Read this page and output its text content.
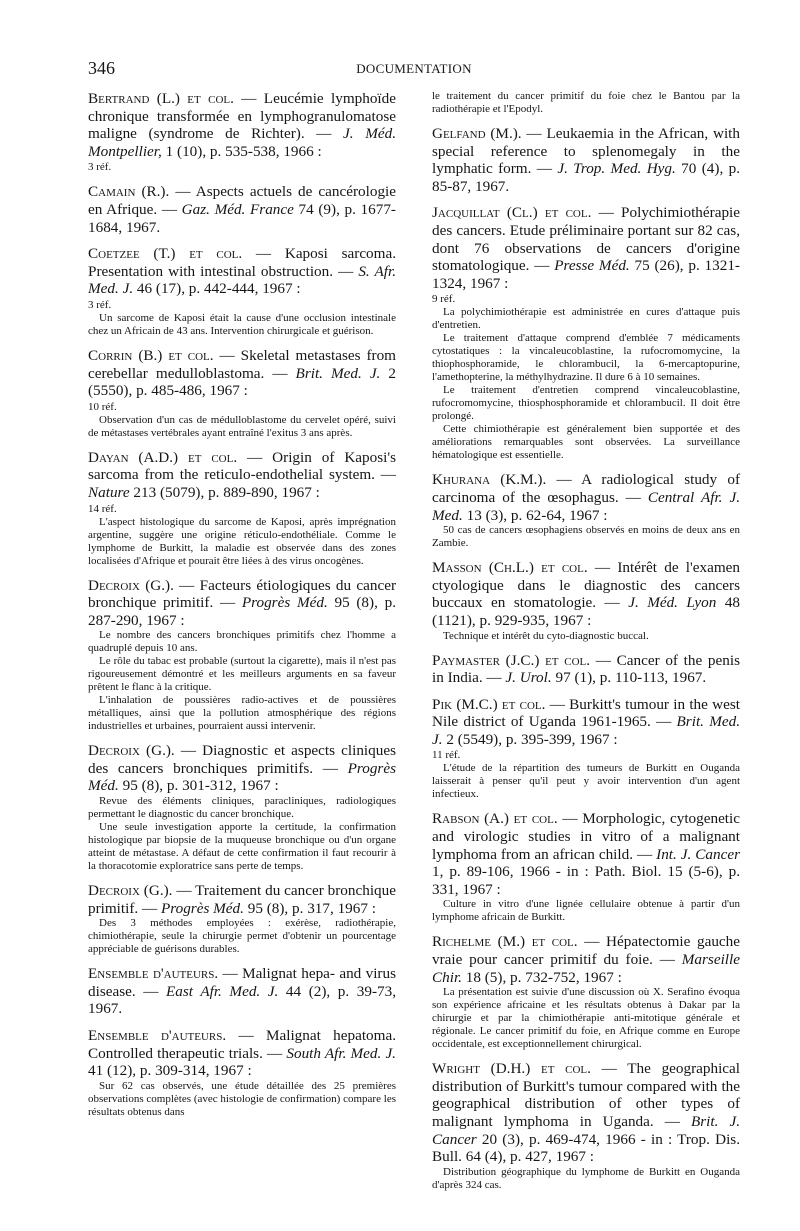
346	DOCUMENTATION
Bertrand (L.) et col. — Leucémie lymphoïde chronique transformée en lymphogranulomatose maligne (syndrome de Richter). — J. Méd. Montpellier, 1 (10), p. 535-538, 1966 :
3 réf.
Camain (R.). — Aspects actuels de cancérologie en Afrique. — Gaz. Méd. France 74 (9), p. 1677-1684, 1967.
Coetzee (T.) et col. — Kaposi sarcoma. Presentation with intestinal obstruction. — S. Afr. Med. J. 46 (17), p. 442-444, 1967 :
3 réf.

Un sarcome de Kaposi était la cause d'une occlusion intestinale chez un Africain de 43 ans. Intervention chirurgicale et guérison.

Corrin (B.) et col. — Skeletal metastases from cerebellar medulloblastoma. — Brit. Med. J. 2 (5550), p. 485-486, 1967 :
10 réf.

Observation d'un cas de médulloblastome du cervelet opéré, suivi de métastases vertébrales ayant entraîné l'exitus 3 ans après.

Dayan (A.D.) et col. — Origin of Kaposi's sarcoma from the reticulo-endothelial system. — Nature 213 (5079), p. 889-890, 1967 :
14 réf.

L'aspect histologique du sarcome de Kaposi, après imprégnation argentine, suggère une origine réticulo-endothéliale. Comme le lymphome de Burkitt, la maladie est observée dans des zones localisées d'Afrique et pourait être liées à des virus oncogènes.

Decroix (G.). — Facteurs étiologiques du cancer bronchique primitif. — Progrès Méd. 95 (8), p. 287-290, 1967 :

Le nombre des cancers bronchiques primitifs chez l'homme a quadruplé depuis 10 ans.

Le rôle du tabac est probable (surtout la cigarette), mais il n'est pas rigoureusement démontré et les meilleurs arguments en sa faveur prêtent le flanc à la critique.

L'inhalation de poussières radio-actives et de poussières métalliques, ainsi que la pollution atmosphérique des régions industrielles et urbaines, pourraient aussi intervenir.

Decroix (G.). — Diagnostic et aspects cliniques des cancers bronchiques primitifs. — Progrès Méd. 95 (8), p. 301-312, 1967 :

Revue des éléments cliniques, paracliniques, radiologiques permettant le diagnostic du cancer bronchique.

Une seule investigation apporte la certitude, la confirmation histologique par biopsie de la muqueuse bronchique ou d'un organe atteint de métastase. A défaut de cette confirmation il faut recourir à la thoracotomie exploratrice sans perte de temps.

Decroix (G.). — Traitement du cancer bronchique primitif. — Progrès Méd. 95 (8), p. 317, 1967 :

Des 3 méthodes employées : exérèse, radiothérapie, chimiothérapie, seule la chirurgie permet d'obtenir un pourcentage appréciable de guérisons durables.

Ensemble d'auteurs. — Malignat hepa- and virus disease. — East Afr. Med. J. 44 (2), p. 39-73, 1967.
Ensemble d'auteurs. — Malignat hepatoma. Controlled therapeutic trials. — South Afr. Med. J. 41 (12), p. 309-314, 1967 :

Sur 62 cas observés, une étude détaillée des 25 premières observations complètes (avec histologie de confirmation) compare les résultats obtenus dans

le traitement du cancer primitif du foie chez le Bantou par la radiothérapie et l'Epodyl.

Gelfand (M.). — Leukaemia in the African, with special reference to splenomegaly in the lymphatic form. — J. Trop. Med. Hyg. 70 (4), p. 85-87, 1967.
Jacquillat (Cl.) et col. — Polychimiothérapie des cancers. Etude préliminaire portant sur 82 cas, dont 76 observations de cancers d'origine stomatologique. — Presse Méd. 75 (26), p. 1321-1324, 1967 :
9 réf.

La polychimiothérapie est administrée en cures d'attaque puis d'entretien.

Le traitement d'attaque comprend d'emblée 7 médicaments cytostatiques : la vincaleucoblastine, la rufocromomycine, la thiophosphoramide, le chlorambucil, la 6-mercaptopurine, l'amethopterine, la méthylhydrazine. Il dure 6 à 10 semaines.

Le traitement d'entretien comprend vincaleucoblastine, rufocromomycine, thiosphosphoramide et chlorambucil. Il doit être prolongé.

Cette chimiothérapie est généralement bien supportée et des améliorations remarquables sont observées. La surveillance hématologique est essentielle.

Khurana (K.M.). — A radiological study of carcinoma of the œsophagus. — Central Afr. J. Med. 13 (3), p. 62-64, 1967 :

50 cas de cancers œsophagiens observés en moins de deux ans en Zambie.

Masson (Ch.L.) et col. — Intérêt de l'examen ctyologique dans le diagnostic des cancers buccaux en stomatologie. — J. Méd. Lyon 48 (1121), p. 929-935, 1967 :

Technique et intérêt du cyto-diagnostic buccal.

Paymaster (J.C.) et col. — Cancer of the penis in India. — J. Urol. 97 (1), p. 110-113, 1967.
Pik (M.C.) et col. — Burkitt's tumour in the west Nile district of Uganda 1961-1965. — Brit. Med. J. 2 (5549), p. 395-399, 1967 :
11 réf.

L'étude de la répartition des tumeurs de Burkitt en Ouganda laisserait à penser qu'il peut y avoir intervention d'un agent infectieux.

Rabson (A.) et col. — Morphologic, cytogenetic and virologic studies in vitro of a malignant lymphoma from an african child. — Int. J. Cancer 1, p. 89-106, 1966 - in : Path. Biol. 15 (5-6), p. 331, 1967 :

Culture in vitro d'une lignée cellulaire obtenue à partir d'un lymphome africain de Burkitt.

Richelme (M.) et col. — Hépatectomie gauche vraie pour cancer primitif du foie. — Marseille Chir. 18 (5), p. 732-752, 1967 :

La présentation est suivie d'une discussion où X. Serafino évoqua son expérience africaine et les résultats obtenus à Dakar par la chirurgie et par la chimiothérapie anti-mitotique générale et régionale. Le cancer primitif du foie, en Afrique comme en Europe occidentale, est exceptionnellement chirurgical.

Wright (D.H.) et col. — The geographical distribution of Burkitt's tumour compared with the geographical distribution of other types of malignant lymphoma in Uganda. — Brit. J. Cancer 20 (3), p. 469-474, 1966 - in : Trop. Dis. Bull. 64 (4), p. 427, 1967 :

Distribution géographique du lymphome de Burkitt en Ouganda d'après 324 cas.
